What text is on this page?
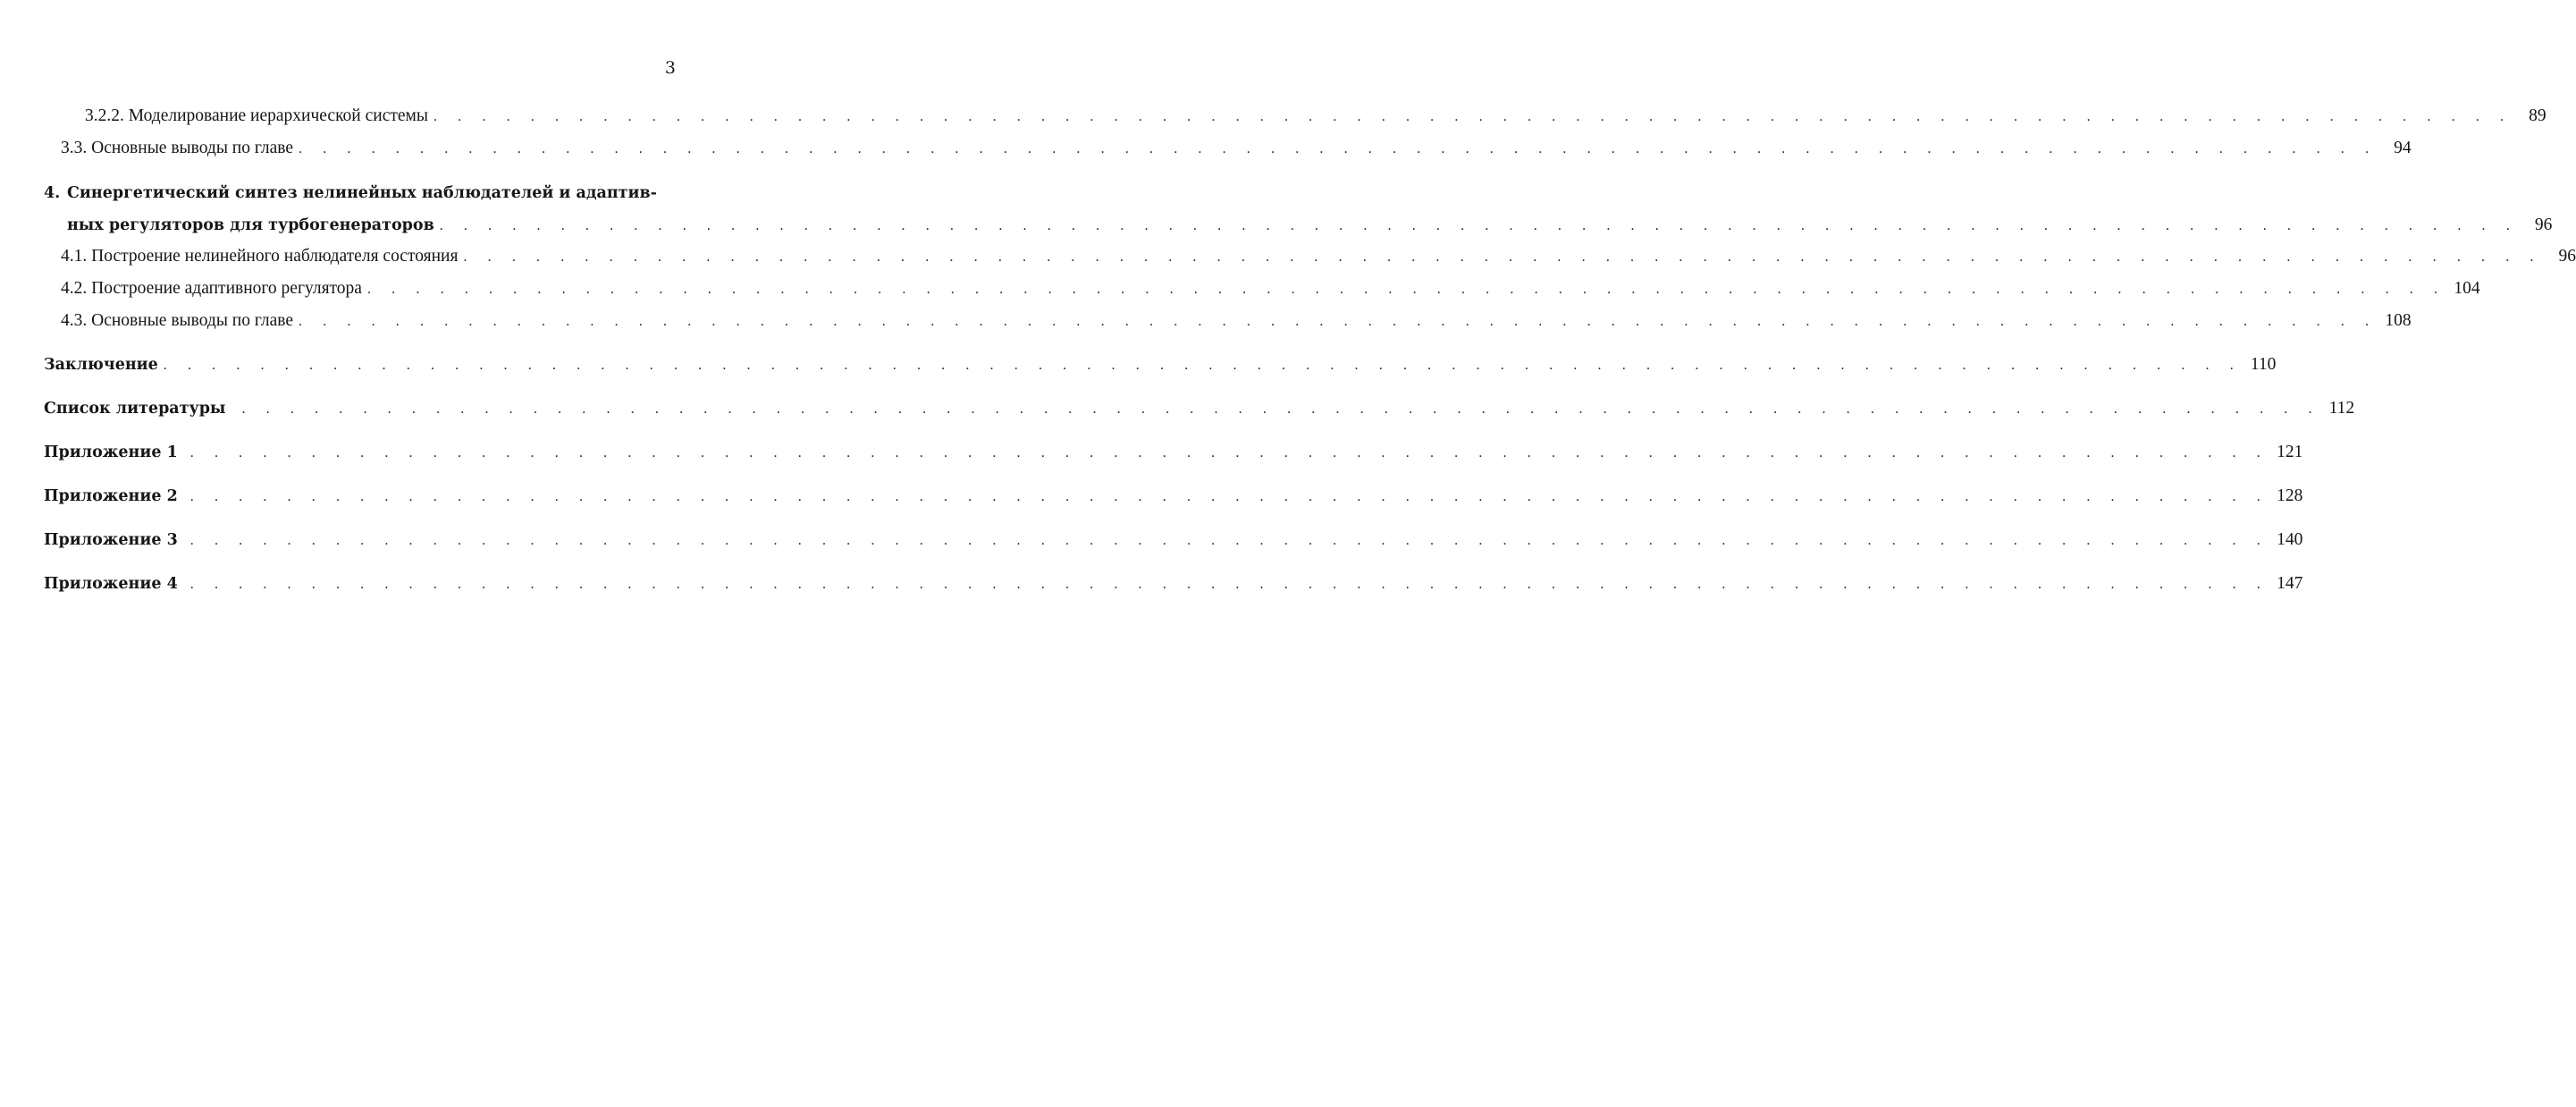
3
3.2.2. Моделирование иерархической системы . . . . . . . . . . . . . . . . . . . . . . . . . . . . . . . . . . . . . . . . . . . . . . . . . . . . . . . . . . . . . . . . . . . . . . . . . . . . . . . . . . . . . . 89
3.3. Основные выводы по главе . . . . . . . . . . . . . . . . . . . . . . . . . . . . . . . . . . . . . . . . . . . . . . . . . . . . . . . . . . . . . . . . . . . . . . . . . . . . . . . . . . . . . . 94
4. Синергетический синтез нелинейных наблюдателей и адаптив-
ных регуляторов для турбогенераторов . . . . . . . . . . . . . . . . . . . . . . . . . . . . . . . . . . . . . . . . . . . . . . . . . . . . . . . . . . . . . . . . . . . . . . . . . . . . . . . . . . . . . . 96
4.1. Построение нелинейного наблюдателя состояния . . . . . . . . . . . . . . . . . . . . . . . . . . . . . . . . . . . . . . . . . . . . . . . . . . . . . . . . . . . . . . . . . . . . . . . . . . . . . . . . . . . . . . 96
4.2. Построение адаптивного регулятора . . . . . . . . . . . . . . . . . . . . . . . . . . . . . . . . . . . . . . . . . . . . . . . . . . . . . . . . . . . . . . . . . . . . . . . . . . . . . . . . . . . . . . 104
4.3. Основные выводы по главе . . . . . . . . . . . . . . . . . . . . . . . . . . . . . . . . . . . . . . . . . . . . . . . . . . . . . . . . . . . . . . . . . . . . . . . . . . . . . . . . . . . . . . 108
Заключение . . . . . . . . . . . . . . . . . . . . . . . . . . . . . . . . . . . . . . . . . . . . . . . . . . . . . . . . . . . . . . . . . . . . . . . . . . . . . . . . . . . . . . 110
Список литературы	. . . . . . . . . . . . . . . . . . . . . . . . . . . . . . . . . . . . . . . . . . . . . . . . . . . . . . . . . . . . . . . . . . . . . . . . . . . . . . . . . . . . . . 112
Приложение 1 . . . . . . . . . . . . . . . . . . . . . . . . . . . . . . . . . . . . . . . . . . . . . . . . . . . . . . . . . . . . . . . . . . . . . . . . . . . . . . . . . . . . . . 121
Приложение 2 . . . . . . . . . . . . . . . . . . . . . . . . . . . . . . . . . . . . . . . . . . . . . . . . . . . . . . . . . . . . . . . . . . . . . . . . . . . . . . . . . . . . . . 128
Приложение 3 . . . . . . . . . . . . . . . . . . . . . . . . . . . . . . . . . . . . . . . . . . . . . . . . . . . . . . . . . . . . . . . . . . . . . . . . . . . . . . . . . . . . . . 140
Приложение 4 . . . . . . . . . . . . . . . . . . . . . . . . . . . . . . . . . . . . . . . . . . . . . . . . . . . . . . . . . . . . . . . . . . . . . . . . . . . . . . . . . . . . . . 147
